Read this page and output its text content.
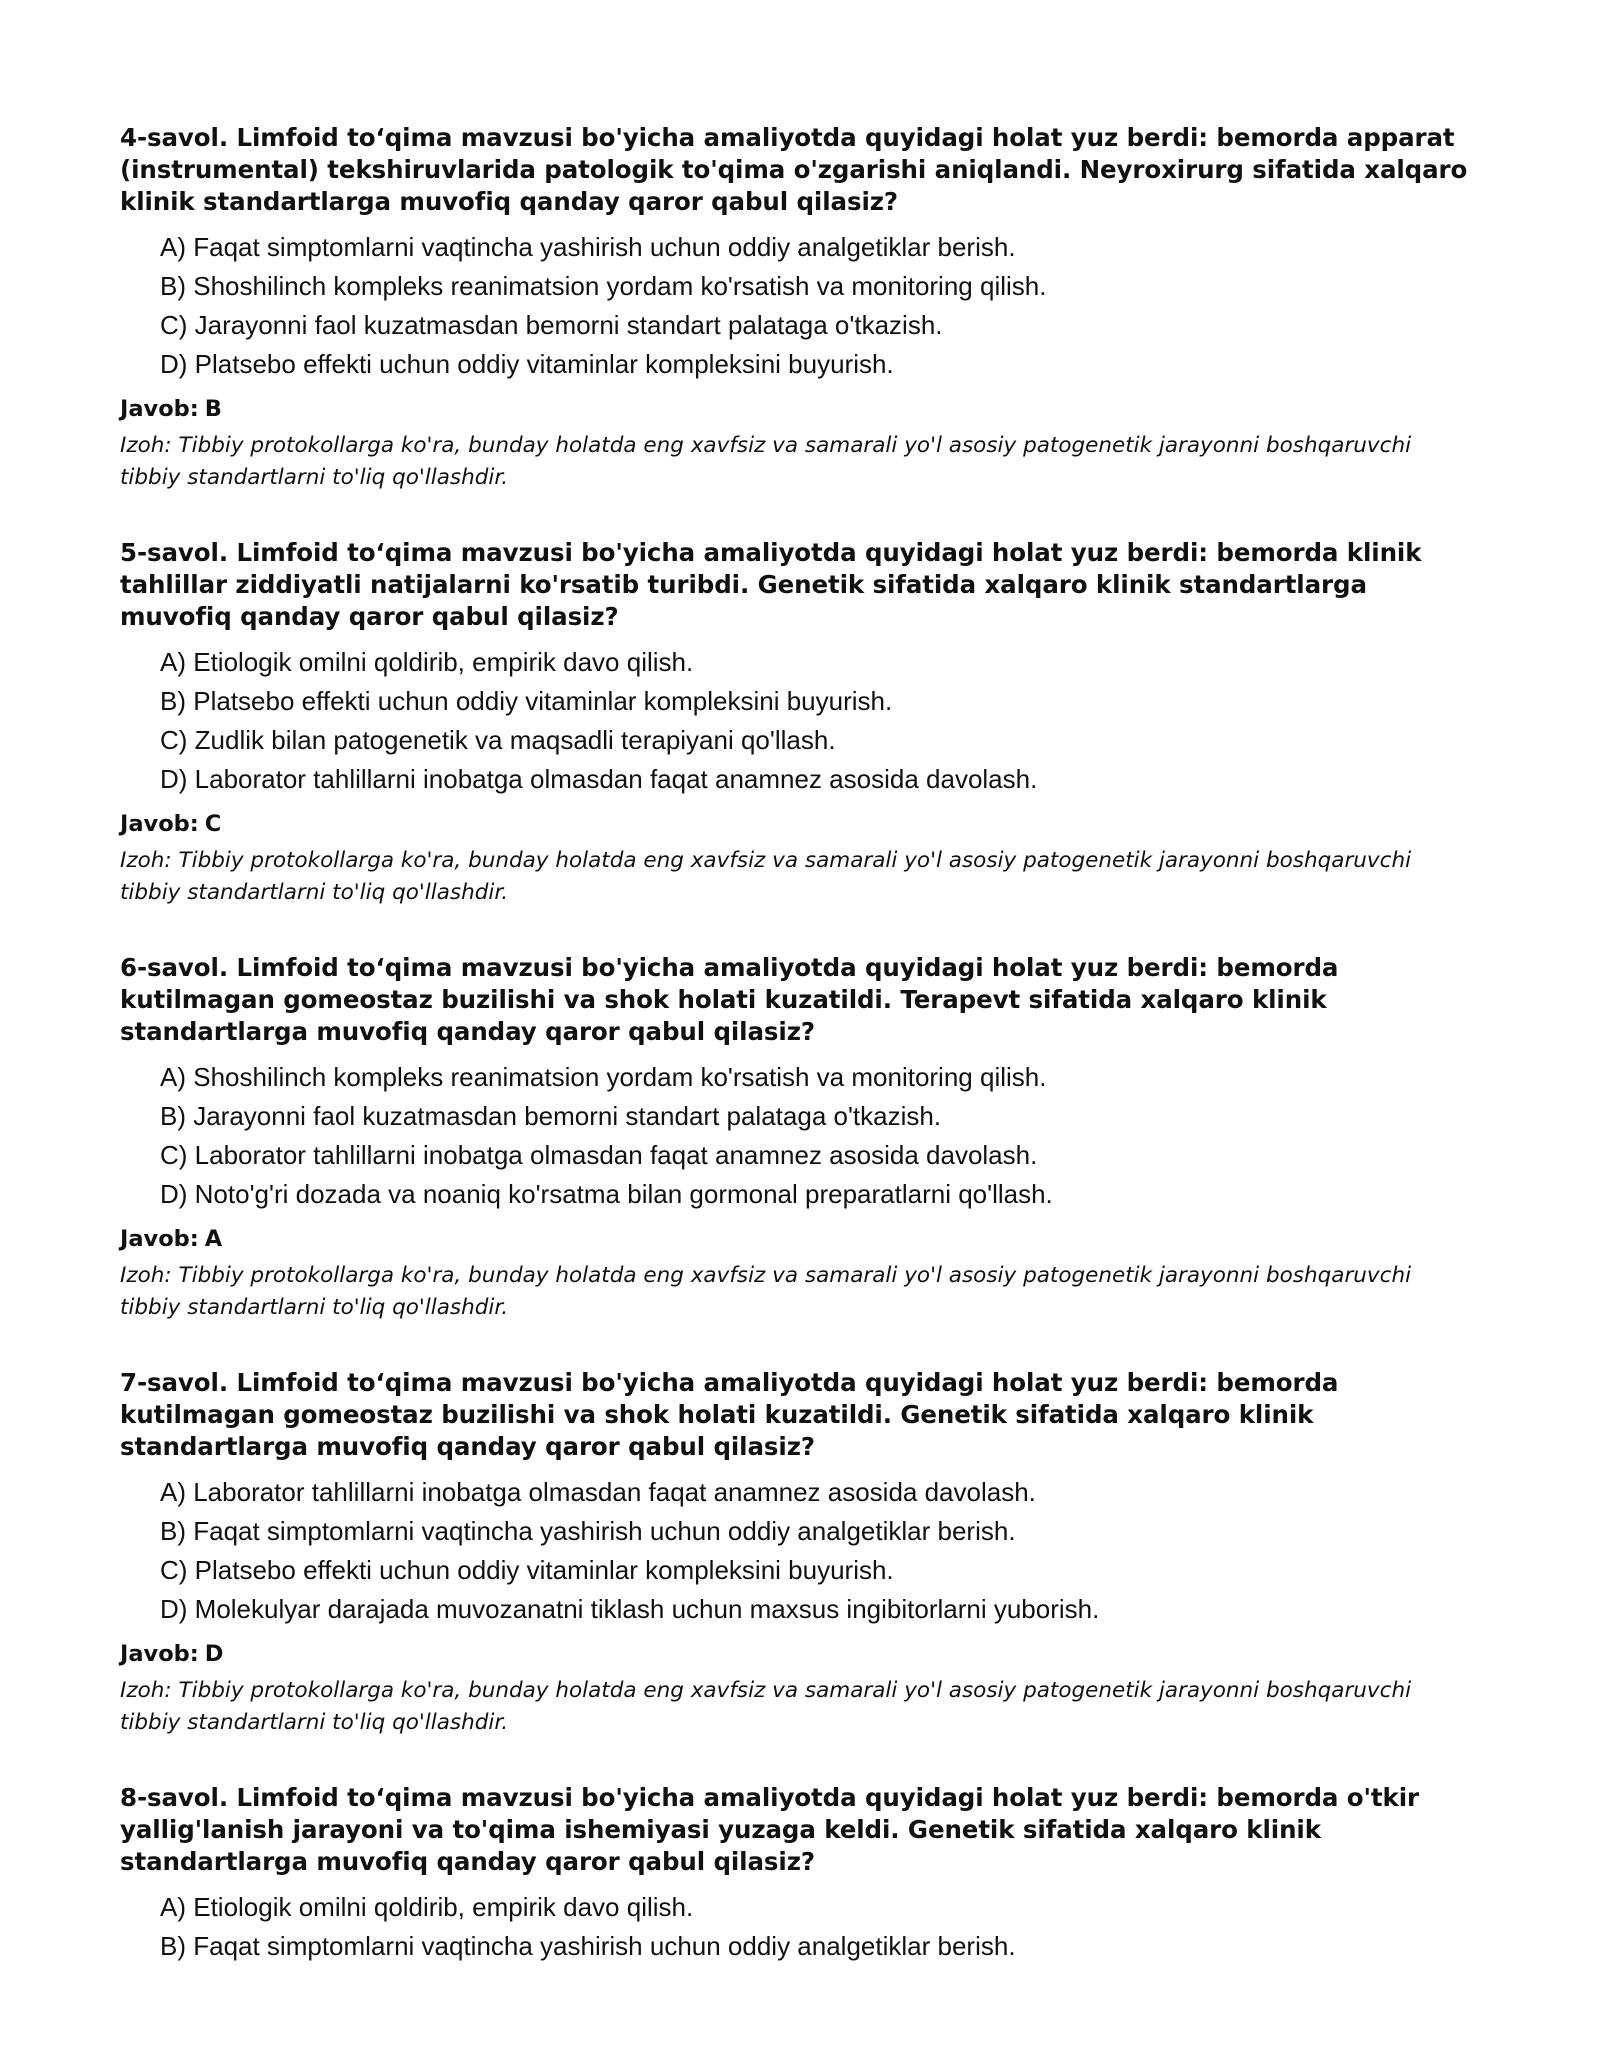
4-savol. Limfoid to‘qima mavzusi bo'yicha amaliyotda quyidagi holat yuz berdi: bemorda apparat (instrumental) tekshiruvlarida patologik to'qima o'zgarishi aniqlandi. Neyroxirurg sifatida xalqaro klinik standartlarga muvofiq qanday qaror qabul qilasiz?

A) Faqat simptomlarni vaqtincha yashirish uchun oddiy analgetiklar berish.
B) Shoshilinch kompleks reanimatsion yordam ko'rsatish va monitoring qilish.
C) Jarayonni faol kuzatmasdan bemorni standart palataga o'tkazish.
D) Platsebo effekti uchun oddiy vitaminlar kompleksini buyurish.

Javob: B

Izoh: Tibbiy protokollarga ko'ra, bunday holatda eng xavfsiz va samarali yo'l asosiy patogenetik jarayonni boshqaruvchi tibbiy standartlarni to'liq qo'llashdir.

5-savol. Limfoid to‘qima mavzusi bo'yicha amaliyotda quyidagi holat yuz berdi: bemorda klinik tahlillar ziddiyatli natijalarni ko'rsatib turibdi. Genetik sifatida xalqaro klinik standartlarga muvofiq qanday qaror qabul qilasiz?

A) Etiologik omilni qoldirib, empirik davo qilish.
B) Platsebo effekti uchun oddiy vitaminlar kompleksini buyurish.
C) Zudlik bilan patogenetik va maqsadli terapiyani qo'llash.
D) Laborator tahlillarni inobatga olmasdan faqat anamnez asosida davolash.

Javob: C

Izoh: Tibbiy protokollarga ko'ra, bunday holatda eng xavfsiz va samarali yo'l asosiy patogenetik jarayonni boshqaruvchi tibbiy standartlarni to'liq qo'llashdir.

6-savol. Limfoid to‘qima mavzusi bo'yicha amaliyotda quyidagi holat yuz berdi: bemorda kutilmagan gomeostaz buzilishi va shok holati kuzatildi. Terapevt sifatida xalqaro klinik standartlarga muvofiq qanday qaror qabul qilasiz?

A) Shoshilinch kompleks reanimatsion yordam ko'rsatish va monitoring qilish.
B) Jarayonni faol kuzatmasdan bemorni standart palataga o'tkazish.
C) Laborator tahlillarni inobatga olmasdan faqat anamnez asosida davolash.
D) Noto'g'ri dozada va noaniq ko'rsatma bilan gormonal preparatlarni qo'llash.

Javob: A

Izoh: Tibbiy protokollarga ko'ra, bunday holatda eng xavfsiz va samarali yo'l asosiy patogenetik jarayonni boshqaruvchi tibbiy standartlarni to'liq qo'llashdir.

7-savol. Limfoid to‘qima mavzusi bo'yicha amaliyotda quyidagi holat yuz berdi: bemorda kutilmagan gomeostaz buzilishi va shok holati kuzatildi. Genetik sifatida xalqaro klinik standartlarga muvofiq qanday qaror qabul qilasiz?

A) Laborator tahlillarni inobatga olmasdan faqat anamnez asosida davolash.
B) Faqat simptomlarni vaqtincha yashirish uchun oddiy analgetiklar berish.
C) Platsebo effekti uchun oddiy vitaminlar kompleksini buyurish.
D) Molekulyar darajada muvozanatni tiklash uchun maxsus ingibitorlarni yuborish.

Javob: D

Izoh: Tibbiy protokollarga ko'ra, bunday holatda eng xavfsiz va samarali yo'l asosiy patogenetik jarayonni boshqaruvchi tibbiy standartlarni to'liq qo'llashdir.

8-savol. Limfoid to‘qima mavzusi bo'yicha amaliyotda quyidagi holat yuz berdi: bemorda o'tkir yallig'lanish jarayoni va to'qima ishemiyasi yuzaga keldi. Genetik sifatida xalqaro klinik standartlarga muvofiq qanday qaror qabul qilasiz?

A) Etiologik omilni qoldirib, empirik davo qilish.
B) Faqat simptomlarni vaqtincha yashirish uchun oddiy analgetiklar berish.
